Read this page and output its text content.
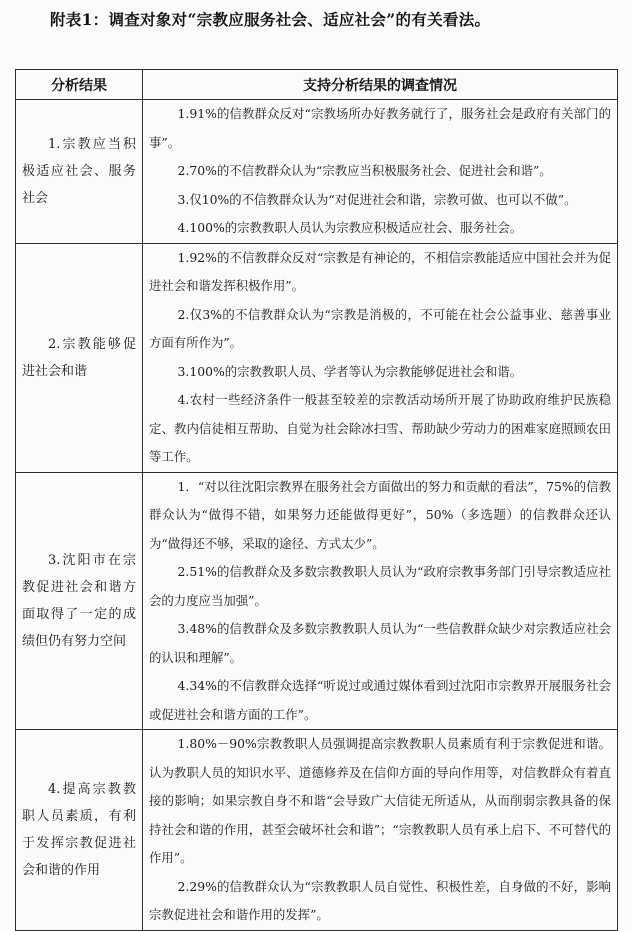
附表1：调查对象对“宗教应服务社会、适应社会”的有关看法。
分析结果	支持分析结果的调查情况

1.宗教应当积极适应社会、服务社会	1.91%的信教群众反对“宗教场所办好教务就行了，服务社会是政府有关部门的事”。

2.70%的不信教群众认为“宗教应当积极服务社会、促进社会和谐”。

3.仅10%的不信教群众认为“对促进社会和谐，宗教可做、也可以不做”。

4.100%的宗教教职人员认为宗教应积极适应社会、服务社会。

2.宗教能够促进社会和谐	1.92%的不信教群众反对“宗教是有神论的，不相信宗教能适应中国社会并为促进社会和谐发挥积极作用”。

2.仅3%的不信教群众认为“宗教是消极的，不可能在社会公益事业、慈善事业方面有所作为”。

3.100%的宗教教职人员、学者等认为宗教能够促进社会和谐。

4.农村一些经济条件一般甚至较差的宗教活动场所开展了协助政府维护民族稳定、教内信徒相互帮助、自觉为社会除冰扫雪、帮助缺少劳动力的困难家庭照顾农田等工作。

3.沈阳市在宗教促进社会和谐方面取得了一定的成绩但仍有努力空间	1．“对以往沈阳宗教界在服务社会方面做出的努力和贡献的看法”，75%的信教群众认为“做得不错，如果努力还能做得更好”，50%（多选题）的信教群众还认为“做得还不够，采取的途径、方式太少”。

2.51%的信教群众及多数宗教教职人员认为“政府宗教事务部门引导宗教适应社会的力度应当加强”。

3.48%的信教群众及多数宗教教职人员认为“一些信教群众缺少对宗教适应社会的认识和理解”。

4.34%的不信教群众选择“听说过或通过媒体看到过沈阳市宗教界开展服务社会或促进社会和谐方面的工作”。

4.提高宗教教职人员素质，有利于发挥宗教促进社会和谐的作用	1.80%－90%宗教教职人员强调提高宗教教职人员素质有利于宗教促进和谐。认为教职人员的知识水平、道德修养及在信仰方面的导向作用等，对信教群众有着直接的影响；如果宗教自身不和谐“会导致广大信徒无所适从，从而削弱宗教具备的保持社会和谐的作用，甚至会破坏社会和谐”；“宗教教职人员有承上启下、不可替代的作用”。

2.29%的信教群众认为“宗教教职人员自觉性、积极性差，自身做的不好，影响宗教促进社会和谐作用的发挥”。
